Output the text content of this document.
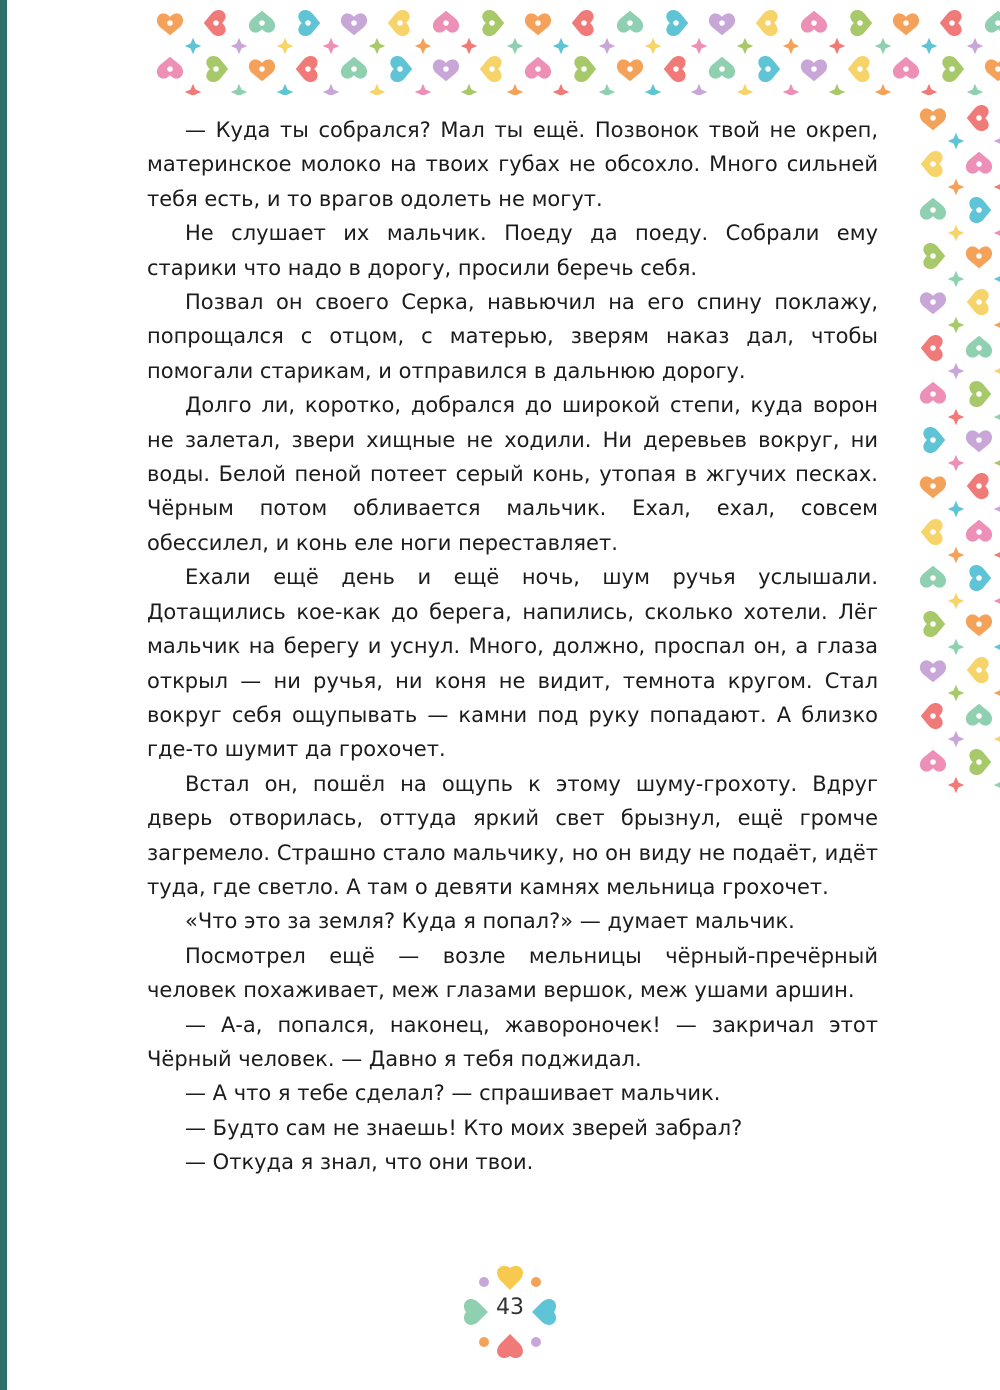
— Куда ты собрался? Мал ты ещё. Позвонок твой не окреп, материнское молоко на твоих губах не обсохло. Много сильней тебя есть, и то врагов одолеть не могут.

Не слушает их мальчик. Поеду да поеду. Собрали ему старики что надо в дорогу, просили беречь себя.

Позвал он своего Серка, навьючил на его спину поклажу, попрощался с отцом, с матерью, зверям наказ дал, чтобы помогали старикам, и отправился в дальнюю дорогу.

Долго ли, коротко, добрался до широкой степи, куда ворон не залетал, звери хищные не ходили. Ни деревьев вокруг, ни воды. Белой пеной потеет серый конь, утопая в жгучих песках. Чёрным потом обливается мальчик. Ехал, ехал, совсем обессилел, и конь еле ноги переставляет.

Ехали ещё день и ещё ночь, шум ручья услышали. Дотащились кое-как до берега, напились, сколько хотели. Лёг мальчик на берегу и уснул. Много, должно, проспал он, а глаза открыл — ни ручья, ни коня не видит, темнота кругом. Стал вокруг себя ощупывать — камни под руку попадают. А близко где-то шумит да грохочет.

Встал он, пошёл на ощупь к этому шуму-грохоту. Вдруг дверь отворилась, оттуда яркий свет брызнул, ещё громче загремело. Страшно стало мальчику, но он виду не подаёт, идёт туда, где светло. А там о девяти камнях мельница грохочет.

«Что это за земля? Куда я попал?» — думает мальчик.

Посмотрел ещё — возле мельницы чёрный-пречёрный человек похаживает, меж глазами вершок, меж ушами аршин.

— А-а, попался, наконец, жавороночек! — закричал этот Чёрный человек. — Давно я тебя поджидал.

— А что я тебе сделал? — спрашивает мальчик.

— Будто сам не знаешь! Кто моих зверей забрал?

— Откуда я знал, что они твои.

43
